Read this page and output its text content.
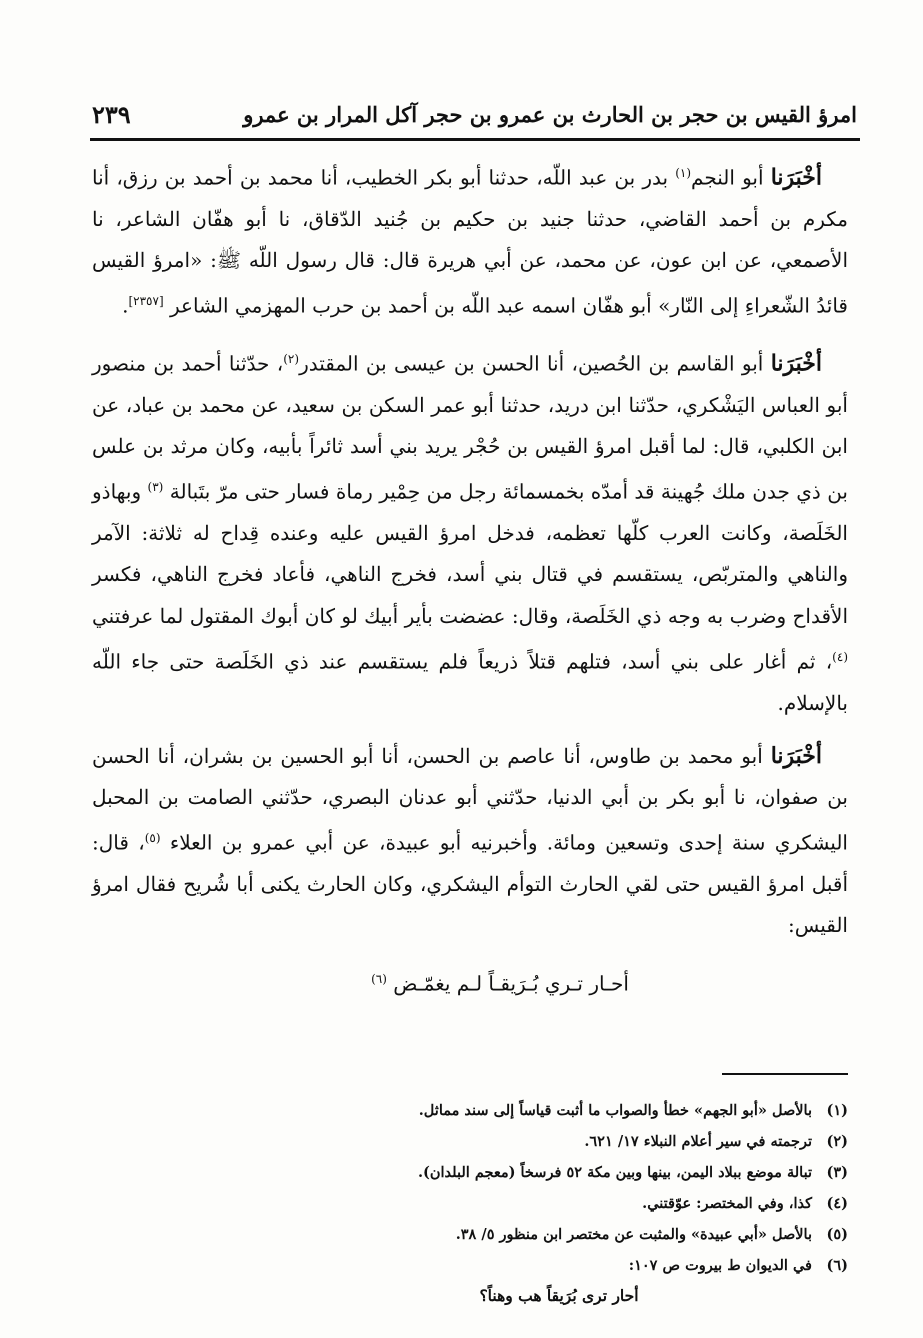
امرؤ القيس بن حجر بن الحارث بن عمرو بن حجر آكل المرار بن عمرو
٢٣٩

أخْبَرَنا أبو النجم$^{(١)}$ بدر بن عبد اللّه، حدثنا أبو بكر الخطيب، أنا محمد بن أحمد بن رزق، أنا مكرم بن أحمد القاضي، حدثنا جنيد بن حكيم بن جُنيد الدّقاق، نا أبو هفّان الشاعر، نا الأصمعي، عن ابن عون، عن محمد، عن أبي هريرة قال: قال رسول اللّه ﷺ: «امرؤ القيس قائدُ الشّعراءِ إلى النّار» أبو هفّان اسمه عبد اللّه بن أحمد بن حرب المهزمي الشاعر [٢٣٥٧].

أخْبَرَنا أبو القاسم بن الحُصين، أنا الحسن بن عيسى بن المقتدر$^{(٢)}$، حدّثنا أحمد بن منصور أبو العباس اليَشْكري، حدّثنا ابن دريد، حدثنا أبو عمر السكن بن سعيد، عن محمد بن عباد، عن ابن الكلبي، قال: لما أقبل امرؤ القيس بن حُجْر يريد بني أسد ثائراً بأبيه، وكان مرثد بن علس بن ذي جدن ملك جُهينة قد أمدّه بخمسمائة رجل من حِمْير رماة فسار حتى مرّ بتَبالة $^{(٣)}$ وبهاذو الخَلَصة، وكانت العرب كلّها تعظمه، فدخل امرؤ القيس عليه وعنده قِداح له ثلاثة: الآمر والناهي والمتربّص، يستقسم في قتال بني أسد، فخرج الناهي، فأعاد فخرج الناهي، فكسر الأقداح وضرب به وجه ذي الخَلَصة، وقال: عضضت بأير أبيك لو كان أبوك المقتول لما عرفتني $^{(٤)}$، ثم أغار على بني أسد، فتلهم قتلاً ذريعاً فلم يستقسم عند ذي الخَلَصة حتى جاء اللّه بالإسلام.

أخْبَرَنا أبو محمد بن طاوس، أنا عاصم بن الحسن، أنا أبو الحسين بن بشران، أنا الحسن بن صفوان، نا أبو بكر بن أبي الدنيا، حدّثني أبو عدنان البصري، حدّثني الصامت بن المحبل اليشكري سنة إحدى وتسعين ومائة. وأخبرنيه أبو عبيدة، عن أبي عمرو بن العلاء $^{(٥)}$، قال: أقبل امرؤ القيس حتى لقي الحارث التوأم اليشكري، وكان الحارث يكنى أبا شُريح فقال امرؤ القيس:

أحـار تـري بُـرَيقـاً لـم يغمّـض $^{(٦)}$

(١)بالأصل «أبو الجهم» خطأ والصواب ما أثبت قياساً إلى سند مماثل.
(٢)ترجمته في سير أعلام النبلاء ١٧/ ٦٢١.
(٣)تبالة موضع ببلاد اليمن، بينها وبين مكة ٥٢ فرسخاً (معجم البلدان).
(٤)كذا، وفي المختصر: عوّقتني.
(٥)بالأصل «أبي عبيدة» والمثبت عن مختصر ابن منظور ٥/ ٣٨.
(٦)في الديوان ط بيروت ص ١٠٧:
أحار ترى بُرَيقاً هب وهناً؟
